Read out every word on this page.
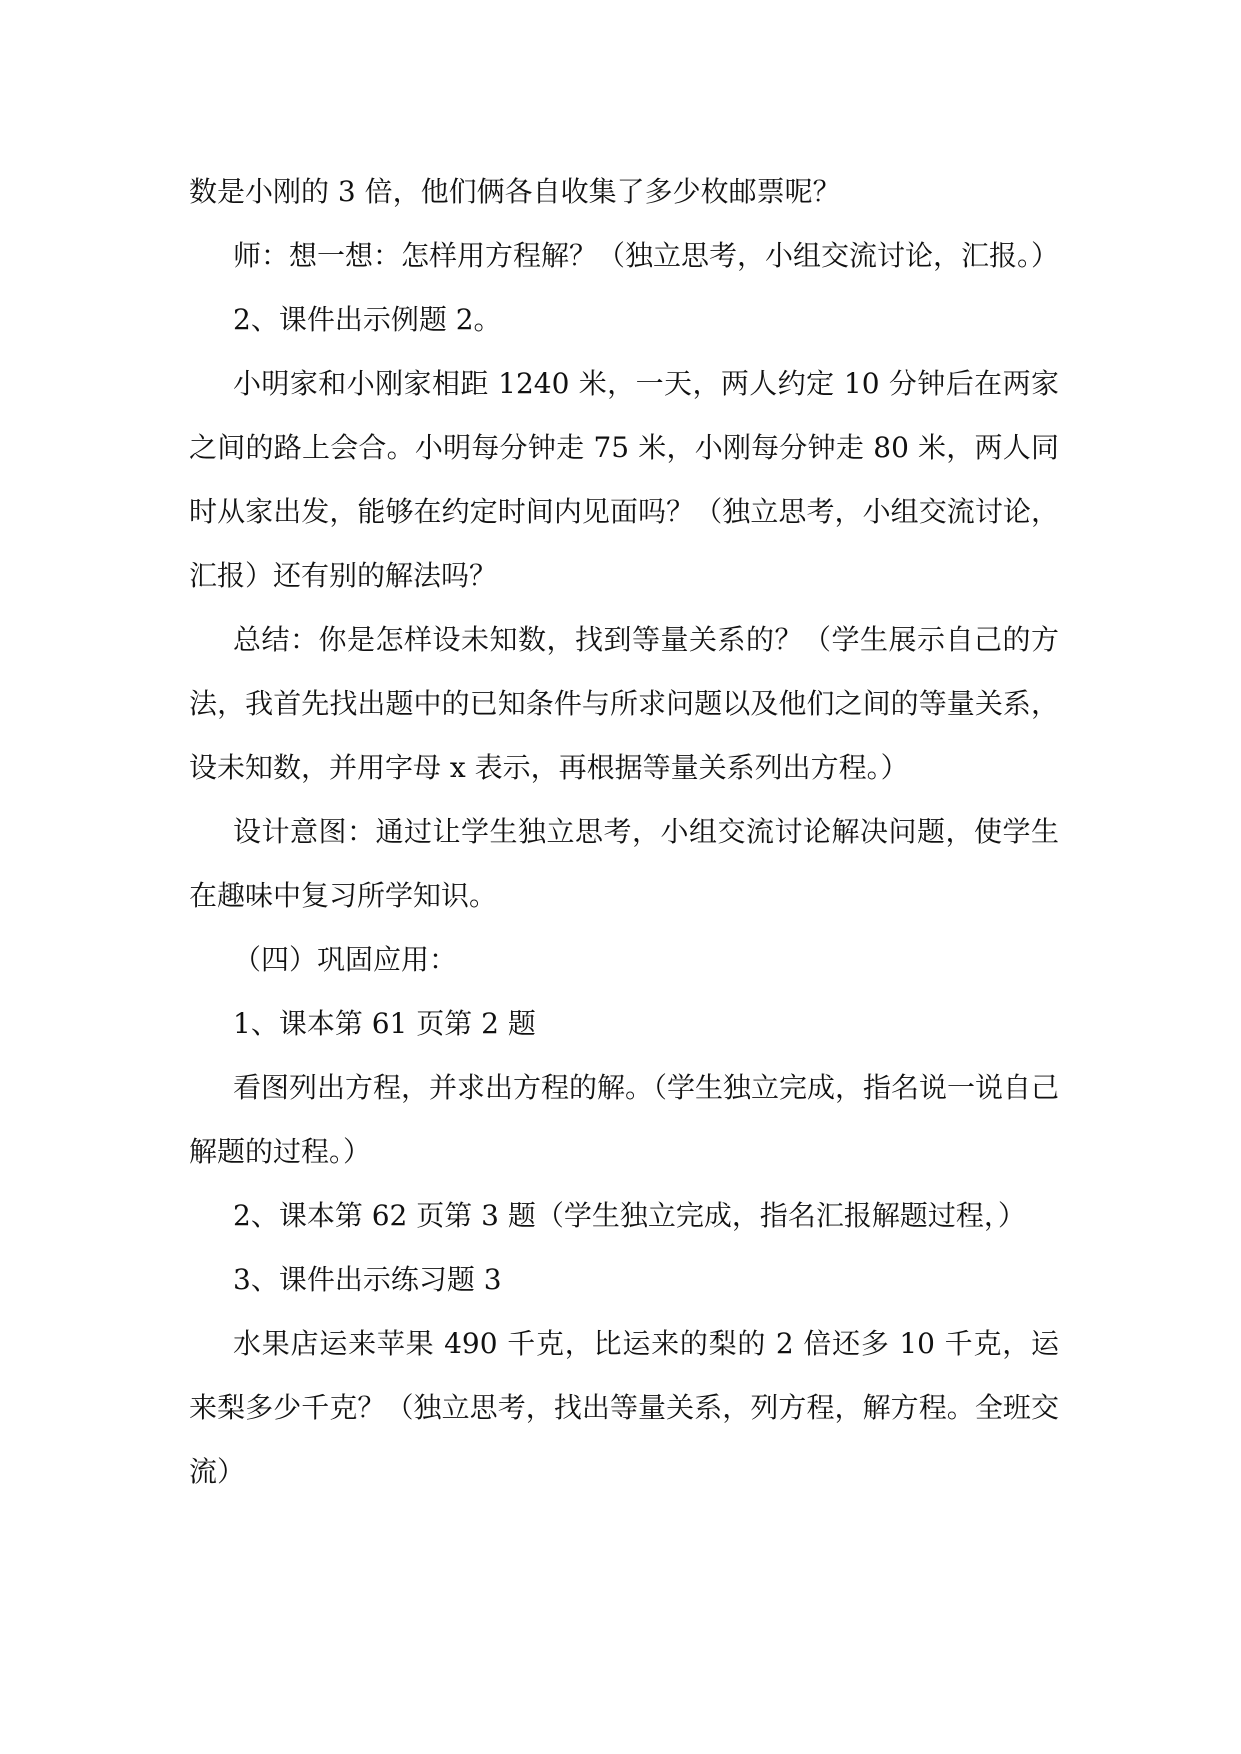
数是小刚的 3 倍，他们俩各自收集了多少枚邮票呢？

师：想一想：怎样用方程解？（独立思考，小组交流讨论，汇报。）

2、课件出示例题 2。

小明家和小刚家相距 1240 米，一天，两人约定 10 分钟后在两家之间的路上会合。小明每分钟走 75 米，小刚每分钟走 80 米，两人同时从家出发，能够在约定时间内见面吗？（独立思考，小组交流讨论，汇报）还有别的解法吗？

总结：你是怎样设未知数，找到等量关系的？（学生展示自己的方法，我首先找出题中的已知条件与所求问题以及他们之间的等量关系，设未知数，并用字母 x 表示，再根据等量关系列出方程。）

设计意图：通过让学生独立思考，小组交流讨论解决问题，使学生在趣味中复习所学知识。

（四）巩固应用：

1、课本第 61 页第 2 题

看图列出方程，并求出方程的解。（学生独立完成，指名说一说自己解题的过程。）

2、课本第 62 页第 3 题（学生独立完成，指名汇报解题过程，）

3、课件出示练习题 3

水果店运来苹果 490 千克，比运来的梨的 2 倍还多 10 千克，运来梨多少千克？（独立思考，找出等量关系，列方程，解方程。全班交流）
